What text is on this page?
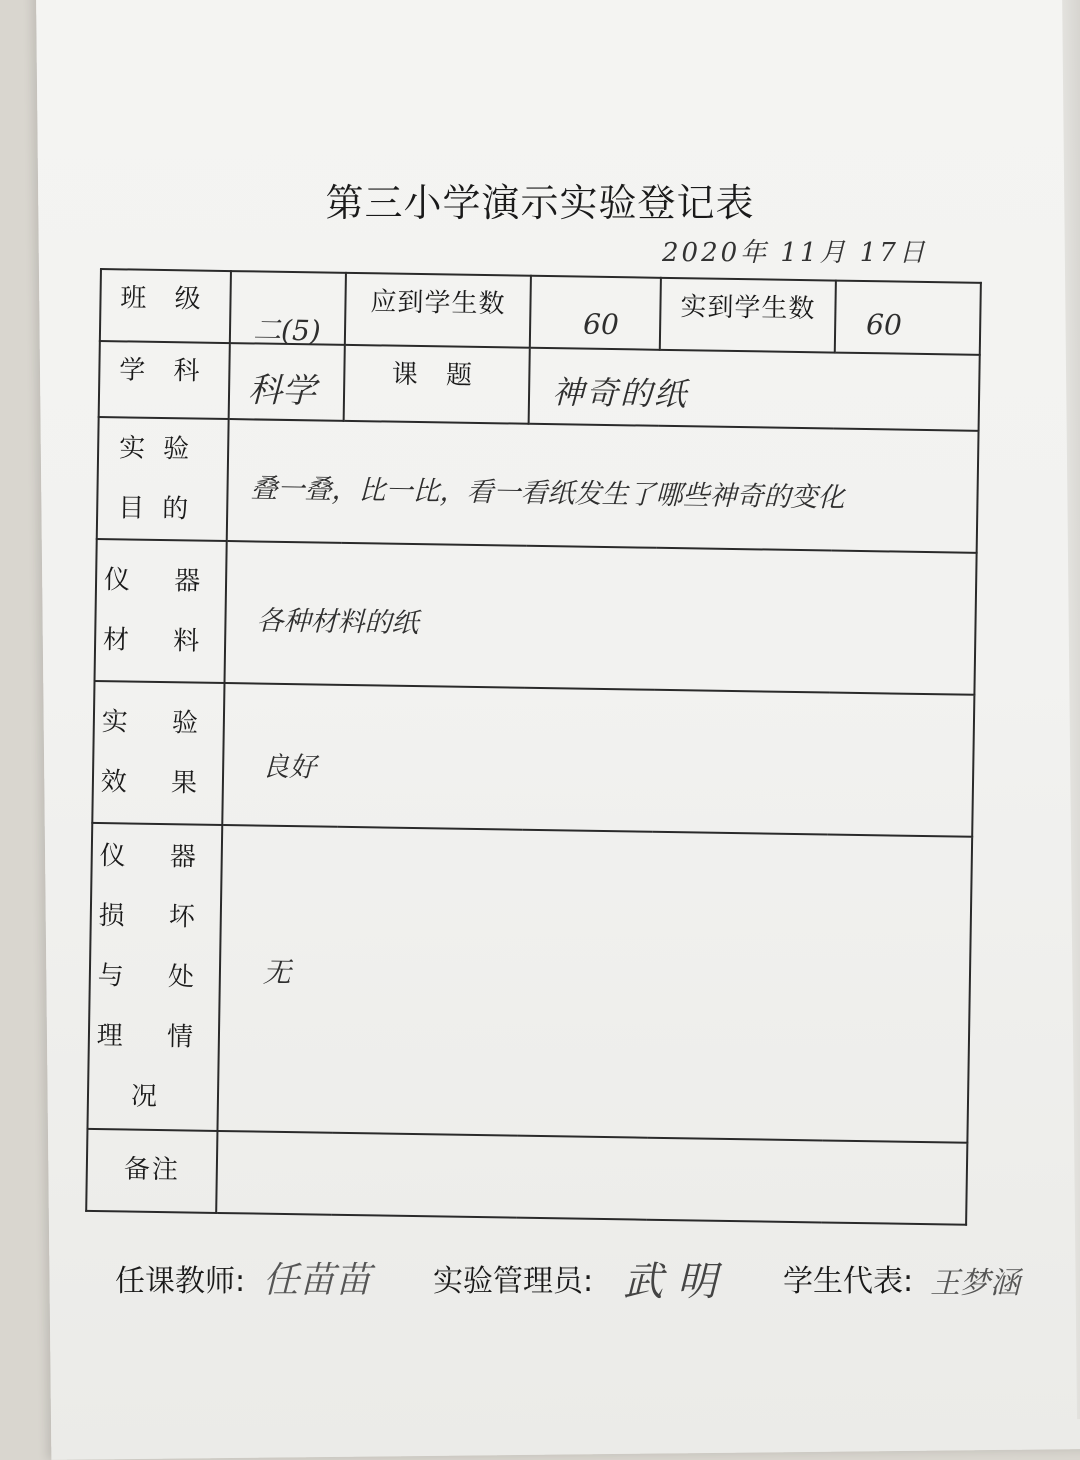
第三小学演示实验登记表
2020年 11月 17日
班 级	二(5)	应到学生数	60	实到学生数	60

学 科	科学	课 题	神奇的纸		

实验
目的	叠一叠，比一比，看一看纸发生了哪些神奇的变化				

仪 器
材 料	各种材料的纸				

实 验
效 果	良好				

仪 器
损 坏
与 处
理 情
况	无				

备注					
任课教师: 任苗苗 实验管理员: 武明 学生代表: 王梦涵
